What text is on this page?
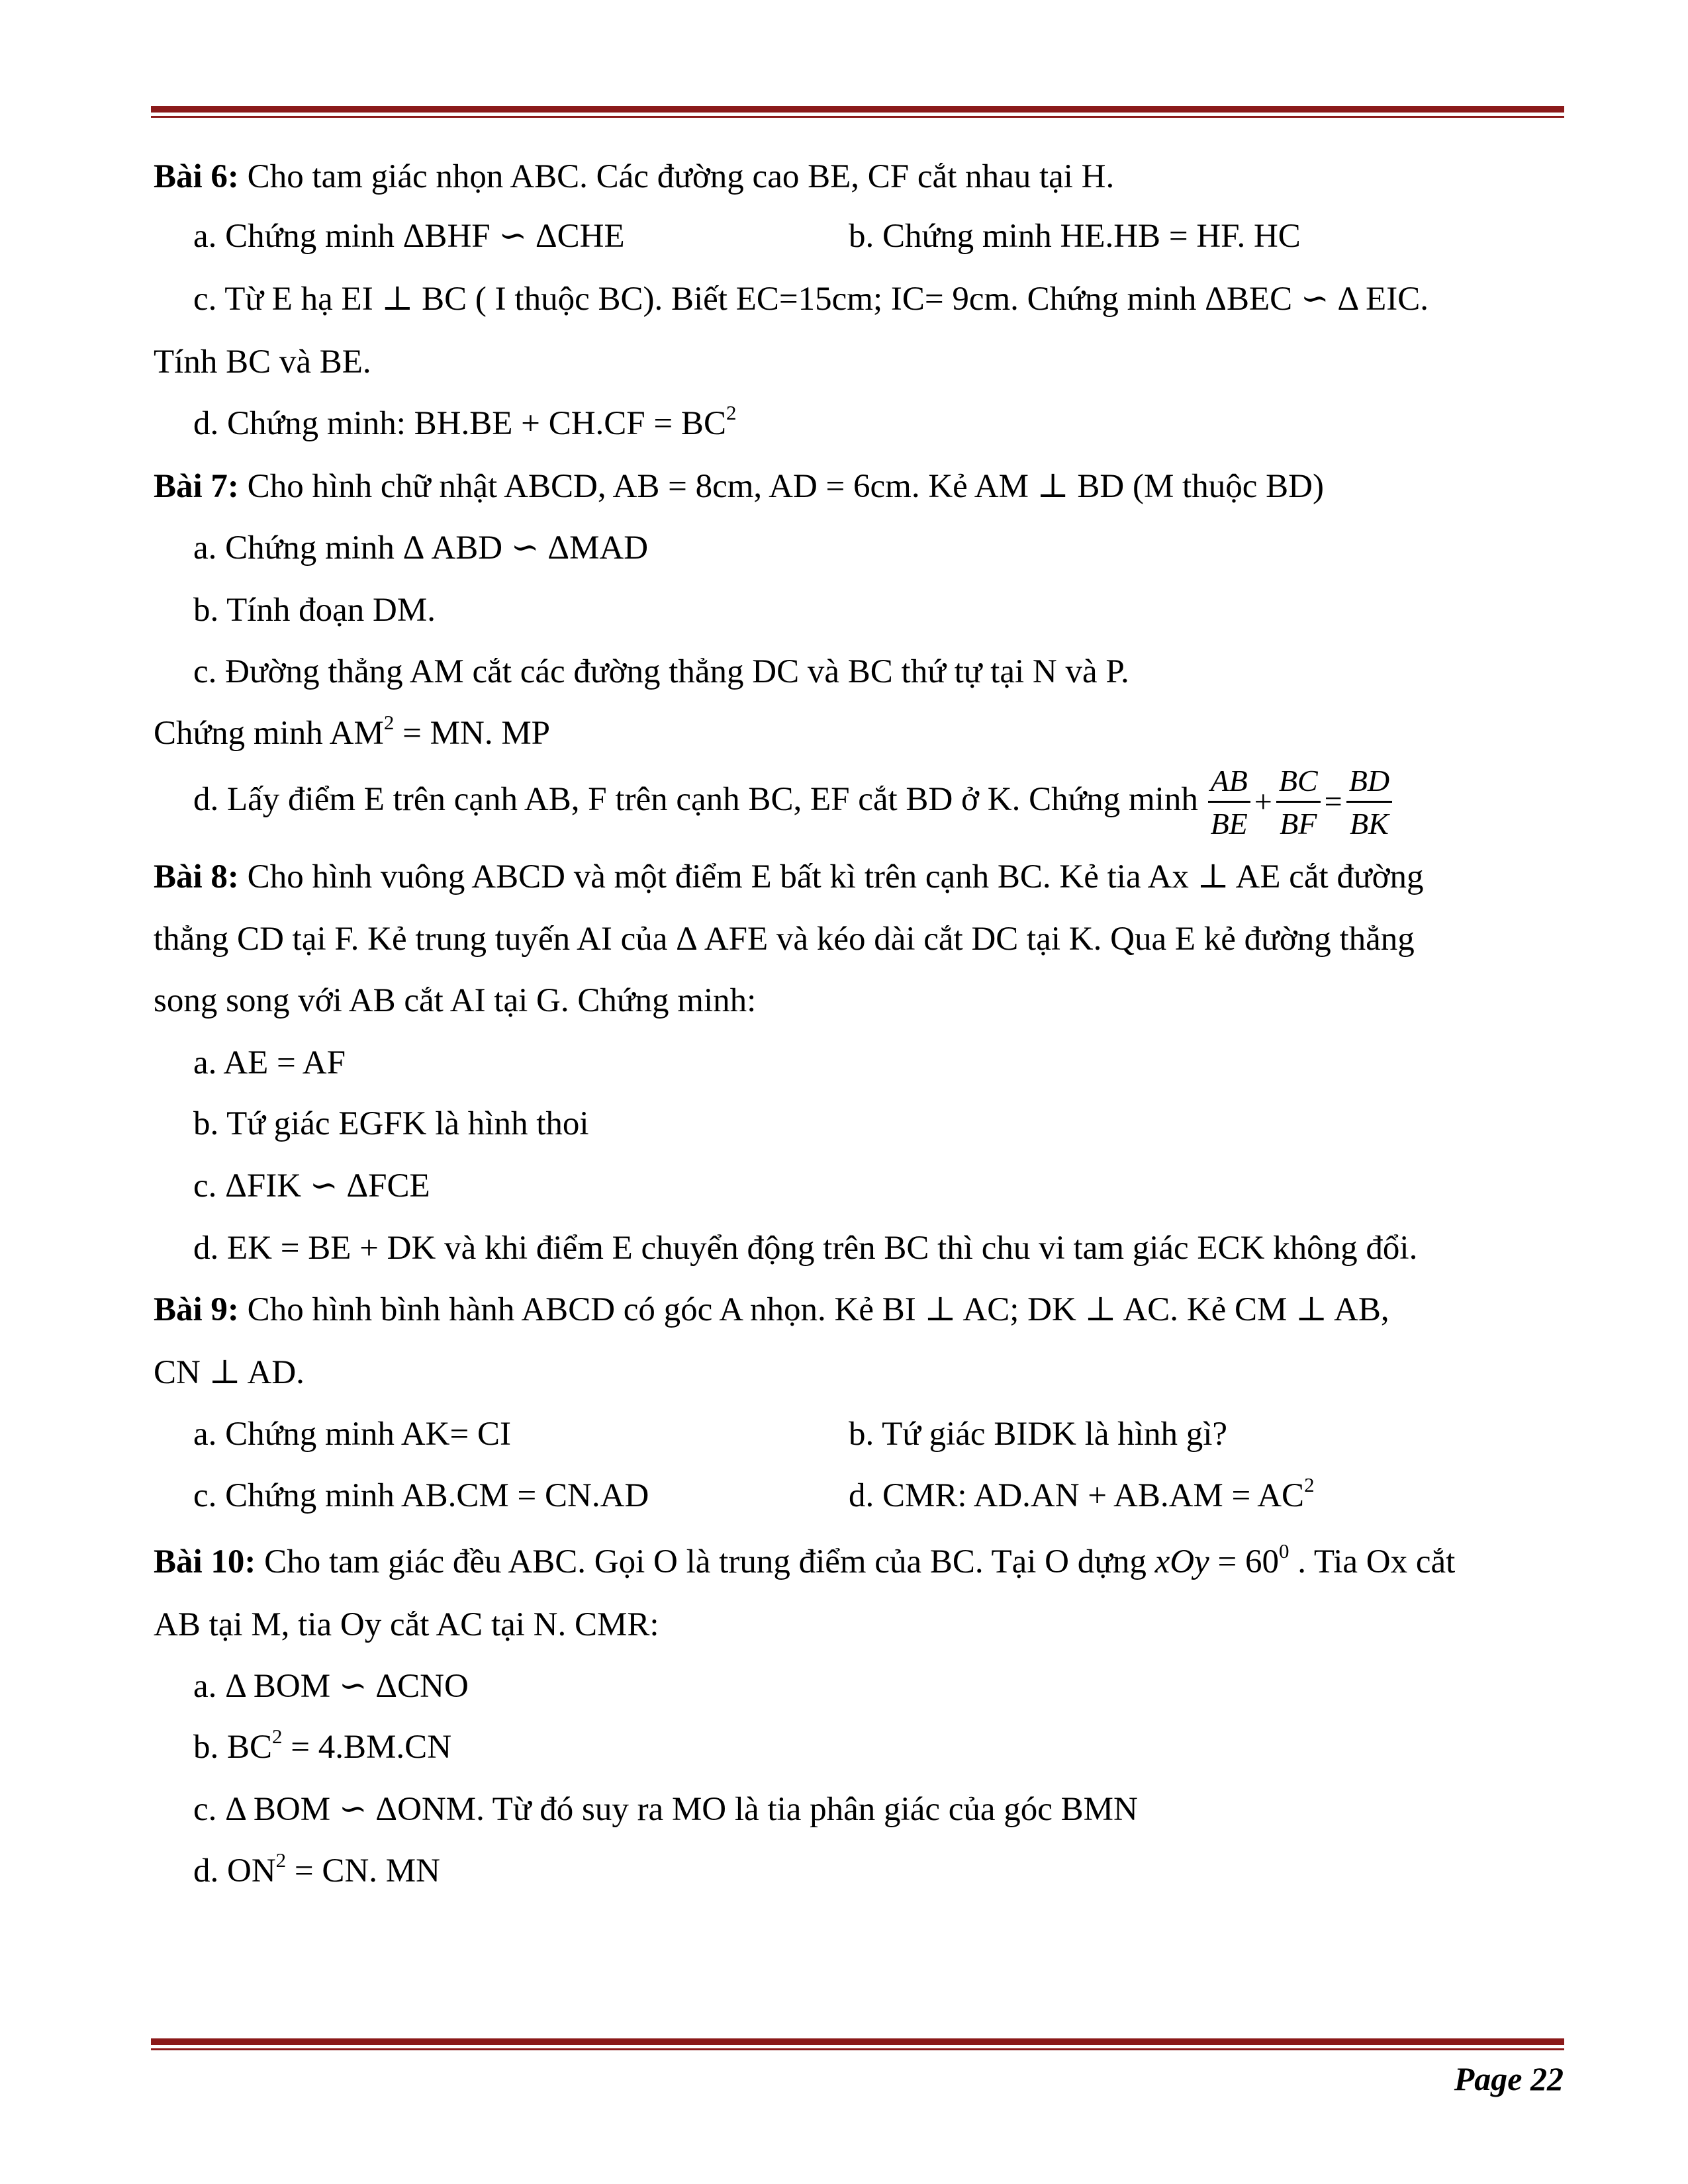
Bài 6: Cho tam giác nhọn ABC. Các đường cao BE, CF cắt nhau tại H.
a. Chứng minh ΔBHF ∽ ΔCHE	b. Chứng minh HE.HB = HF. HC
c. Từ E hạ EI ⊥ BC ( I thuộc BC). Biết EC=15cm; IC= 9cm. Chứng minh ΔBEC ∽ Δ EIC.
Tính BC và BE.
d. Chứng minh: $BH.BE + CH.CF = BC^2$
Bài 7: Cho hình chữ nhật ABCD, AB = 8cm, AD = 6cm. Kẻ AM ⊥ BD (M thuộc BD)
a. Chứng minh Δ ABD ∽ ΔMAD
b. Tính đoạn DM.
c. Đường thẳng AM cắt các đường thẳng DC và BC thứ tự tại N và P.
Chứng minh $AM^2$ = MN. MP
d. Lấy điểm E trên cạnh AB, F trên cạnh BC, EF cắt BD ở K. Chứng minh $\frac{AB}{BE} + \frac{BC}{BF} = \frac{BD}{BK}$
Bài 8: Cho hình vuông ABCD và một điểm E bất kì trên cạnh BC. Kẻ tia Ax ⊥ AE cắt đường
thẳng CD tại F. Kẻ trung tuyến AI của Δ AFE và kéo dài cắt DC tại K. Qua E kẻ đường thẳng
song song với AB cắt AI tại G. Chứng minh:
a. AE = AF
b. Tứ giác EGFK là hình thoi
c. ΔFIK ∽ ΔFCE
d. EK = BE + DK và khi điểm E chuyển động trên BC thì chu vi tam giác ECK không đổi.
Bài 9: Cho hình bình hành ABCD có góc A nhọn. Kẻ BI ⊥ AC; DK ⊥ AC. Kẻ CM ⊥ AB,
CN ⊥ AD.
a. Chứng minh AK= CI	b. Tứ giác BIDK là hình gì?
c. Chứng minh AB.CM = CN.AD	d. CMR: $AD.AN + AB.AM = AC^2$
Bài 10: Cho tam giác đều ABC. Gọi O là trung điểm của BC. Tại O dựng xOy = $60^0$ . Tia Ox cắt
AB tại M, tia Oy cắt AC tại N. CMR:
a. Δ BOM ∽ ΔCNO
b. $BC^2 = 4.BM.CN$
c. Δ BOM ∽ ΔONM. Từ đó suy ra MO là tia phân giác của góc BMN
d. $ON^2$ = CN. MN
Page 22
